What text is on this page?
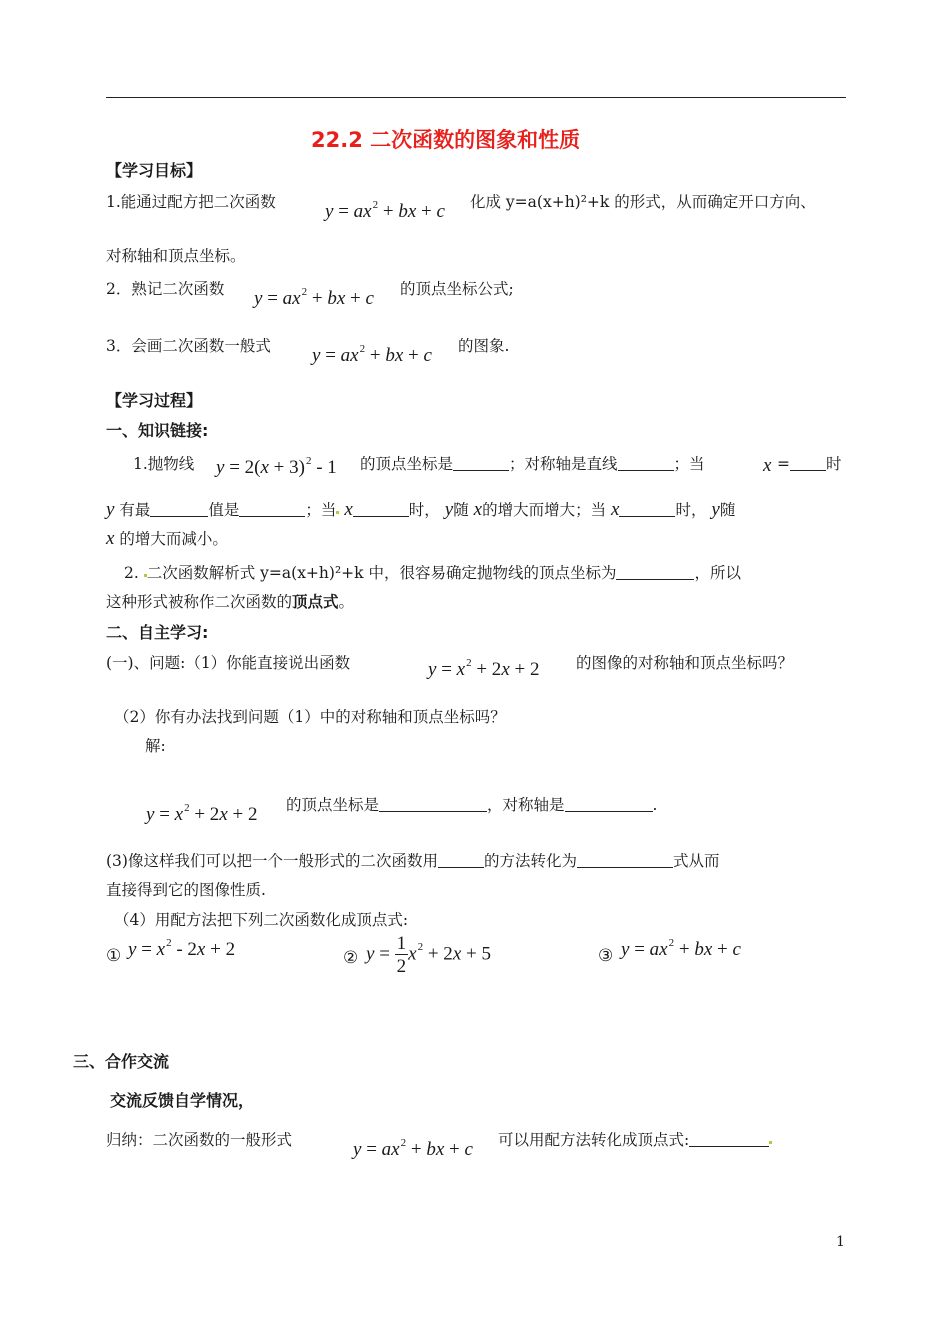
22.2 二次函数的图象和性质
【学习目标】
1.能通过配方把二次函数	$y = ax^2$ + bx + c 化成 y=a(x+h)²+k 的形式，从而确定开口方向、
对称轴和顶点坐标。
2．熟记二次函数 $y = ax^2$ + bx + c 的顶点坐标公式;
3．会画二次函数一般式 $y = ax^2$ + bx + c 的图象.
【学习过程】
一、知识链接:
1.抛物线 $y = 2(x + 3)^2 - 1$ 的顶点坐标是	；对称轴是直线	；当	x = 时
y 有最	值是	；当 x	时， y随 x的增大而增大；当 x	时， y随
x 的增大而减小。
2. 二次函数解析式 y=a(x+h)²+k 中，很容易确定抛物线的顶点坐标为	，所以
这种形式被称作二次函数的顶点式。
二、自主学习:
(一)、问题:（1）你能直接说出函数	$y = x^2 + 2x + 2$ 的图像的对称轴和顶点坐标吗？
（2）你有办法找到问题（1）中的对称轴和顶点坐标吗？
解:
$y = x^2 + 2x + 2$ 的顶点坐标是	，对称轴是	.
(3)像这样我们可以把一个一般形式的二次函数用	的方法转化为	式从而
直接得到它的图像性质.
（4）用配方法把下列二次函数化成顶点式:
① $y = x^2 - 2x + 2$	② $y = \frac{1}{2} x^2 + 2x + 5$	③ $y = ax^2$ + bx + c
三、合作交流
交流反馈自学情况，
归纳：二次函数的一般形式	$y = ax^2$ + bx + c 可以用配方法转化成顶点式:
1
